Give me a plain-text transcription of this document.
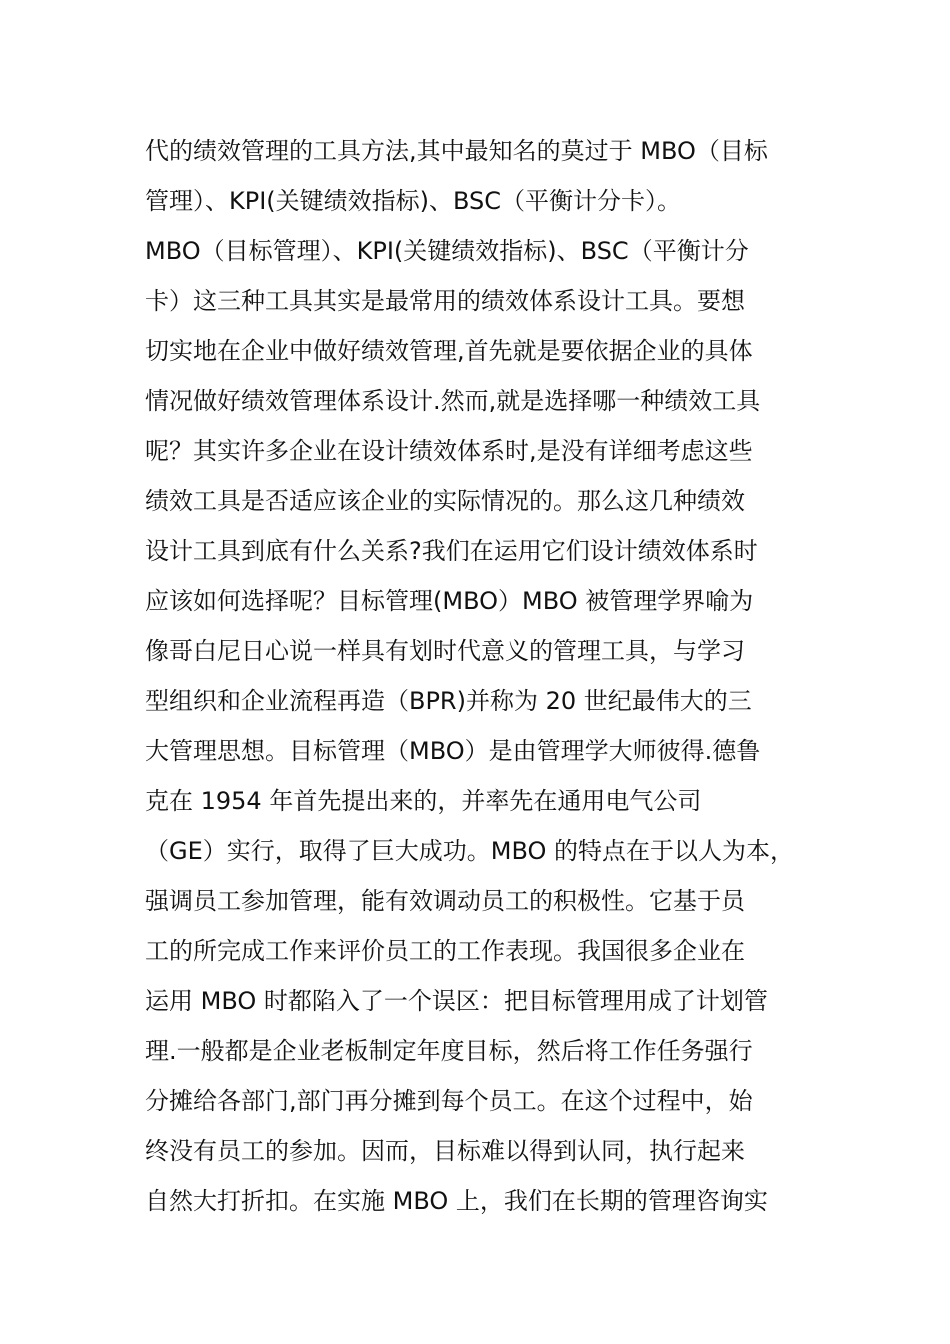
代的绩效管理的工具方法,其中最知名的莫过于 MBO（目标
管理）、KPI(关键绩效指标)、BSC（平衡计分卡）。
MBO（目标管理）、KPI(关键绩效指标)、BSC（平衡计分
卡）这三种工具其实是最常用的绩效体系设计工具。要想
切实地在企业中做好绩效管理,首先就是要依据企业的具体
情况做好绩效管理体系设计.然而,就是选择哪一种绩效工具
呢？其实许多企业在设计绩效体系时,是没有详细考虑这些
绩效工具是否适应该企业的实际情况的。那么这几种绩效
设计工具到底有什么关系?我们在运用它们设计绩效体系时
应该如何选择呢？目标管理(MBO）MBO 被管理学界喻为
像哥白尼日心说一样具有划时代意义的管理工具，与学习
型组织和企业流程再造（BPR)并称为 20 世纪最伟大的三
大管理思想。目标管理（MBO）是由管理学大师彼得.德鲁
克在 1954 年首先提出来的，并率先在通用电气公司
（GE）实行，取得了巨大成功。MBO 的特点在于以人为本，
强调员工参加管理，能有效调动员工的积极性。它基于员
工的所完成工作来评价员工的工作表现。我国很多企业在
运用 MBO 时都陷入了一个误区：把目标管理用成了计划管
理.一般都是企业老板制定年度目标，然后将工作任务强行
分摊给各部门,部门再分摊到每个员工。在这个过程中，始
终没有员工的参加。因而，目标难以得到认同，执行起来
自然大打折扣。在实施 MBO 上，我们在长期的管理咨询实
